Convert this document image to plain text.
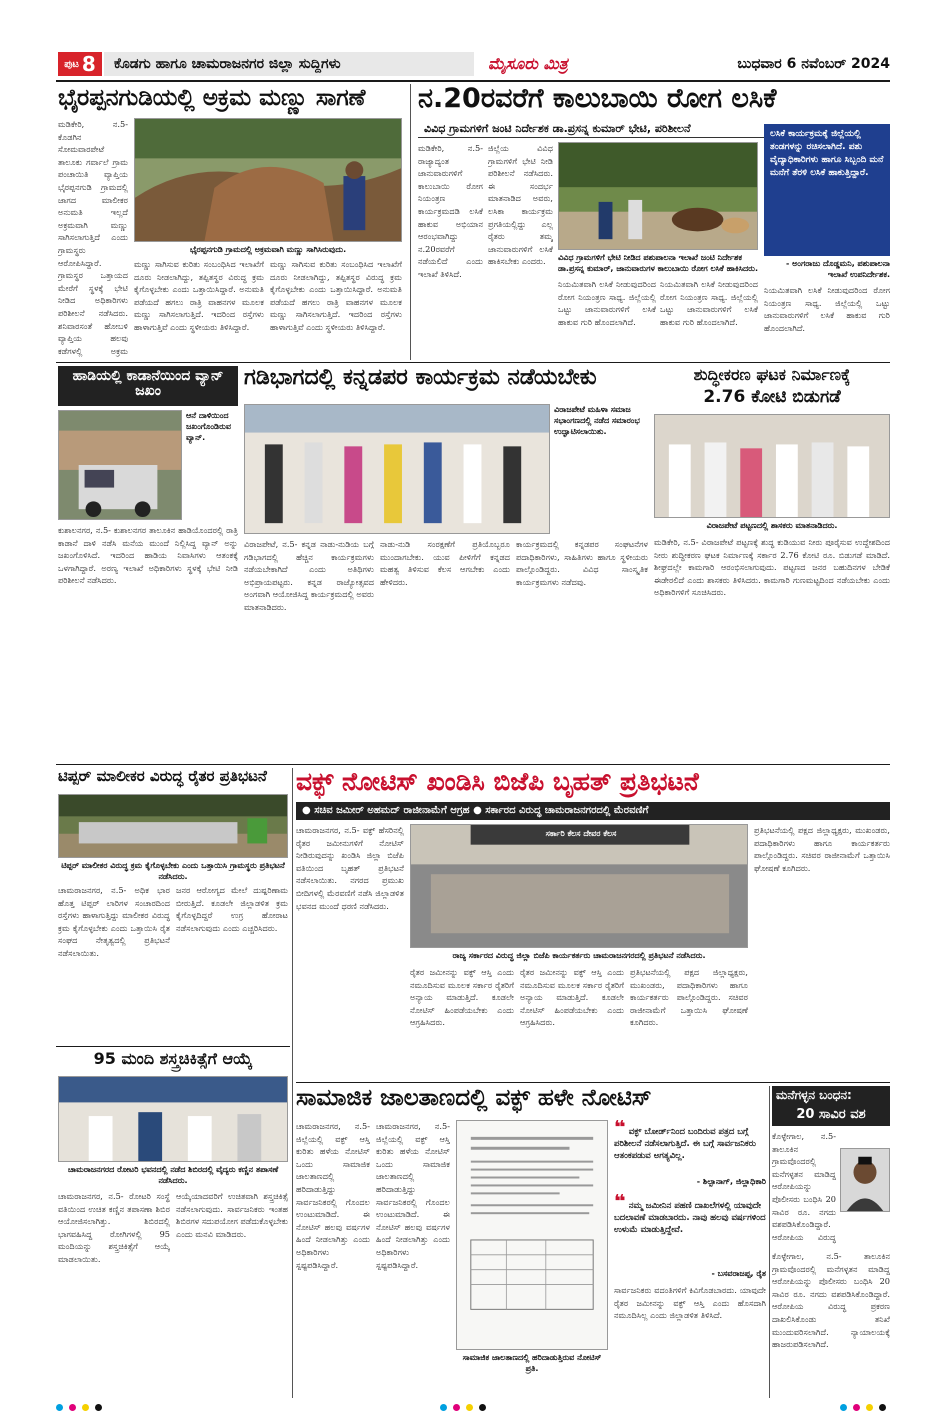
ಪುಟ 8	ಕೊಡಗು ಹಾಗೂ ಚಾಮರಾಜನಗರ ಜಿಲ್ಲಾ ಸುದ್ದಿಗಳು	ಮೈಸೂರು ಮಿತ್ರ	ಬುಧವಾರ 6 ನವೆಂಬರ್ 2024
ಭೈರಪ್ಪನಗುಡಿಯಲ್ಲಿ ಅಕ್ರಮ ಮಣ್ಣು ಸಾಗಣೆ
ಮಡಿಕೇರಿ, ನ.5- ಕೊಡಗಿನ ಸೋಮವಾರಪೇಟೆ ತಾಲೂಕು ಗರ್ವಾಲೆ ಗ್ರಾಮ ಪಂಚಾಯಿತಿ ವ್ಯಾಪ್ತಿಯ ಭೈರಪ್ಪನಗುಡಿ ಗ್ರಾಮದಲ್ಲಿ ಜಾಗದ ಮಾಲೀಕರ ಅನುಮತಿ ಇಲ್ಲದೆ ಅಕ್ರಮವಾಗಿ ಮಣ್ಣು ಸಾಗಿಸಲಾಗುತ್ತಿದೆ ಎಂದು ಗ್ರಾಮಸ್ಥರು ಆರೋಪಿಸಿದ್ದಾರೆ. ಗ್ರಾಮಸ್ಥರ ಒತ್ತಾಯದ ಮೇರೆಗೆ ಸ್ಥಳಕ್ಕೆ ಭೇಟಿ ನೀಡಿದ ಅಧಿಕಾರಿಗಳು ಪರಿಶೀಲನೆ ನಡೆಸಿದರು. ಶನಿವಾರಸಂತೆ ಹೋಬಳಿ ವ್ಯಾಪ್ತಿಯ ಹಲವು ಕಡೆಗಳಲ್ಲಿ ಅಕ್ರಮ
ಭೈರಪ್ಪನಗುಡಿ ಗ್ರಾಮದಲ್ಲಿ ಅಕ್ರಮವಾಗಿ ಮಣ್ಣು ಸಾಗಿಸಿರುವುದು.
ಮಣ್ಣು ಸಾಗಿಸುವ ಕುರಿತು ಸಂಬಂಧಿಸಿದ ಇಲಾಖೆಗೆ ದೂರು ನೀಡಲಾಗಿದ್ದು, ತಪ್ಪಿತಸ್ಥರ ವಿರುದ್ಧ ಕ್ರಮ ಕೈಗೊಳ್ಳಬೇಕು ಎಂದು ಒತ್ತಾಯಿಸಿದ್ದಾರೆ. ಅನುಮತಿ ಪಡೆಯದೆ ಹಗಲು ರಾತ್ರಿ ವಾಹನಗಳ ಮೂಲಕ ಮಣ್ಣು ಸಾಗಿಸಲಾಗುತ್ತಿದೆ. ಇದರಿಂದ ರಸ್ತೆಗಳು ಹಾಳಾಗುತ್ತಿವೆ ಎಂದು ಸ್ಥಳೀಯರು ತಿಳಿಸಿದ್ದಾರೆ.
ಮಣ್ಣು ಸಾಗಿಸುವ ಕುರಿತು ಸಂಬಂಧಿಸಿದ ಇಲಾಖೆಗೆ ದೂರು ನೀಡಲಾಗಿದ್ದು, ತಪ್ಪಿತಸ್ಥರ ವಿರುದ್ಧ ಕ್ರಮ ಕೈಗೊಳ್ಳಬೇಕು ಎಂದು ಒತ್ತಾಯಿಸಿದ್ದಾರೆ. ಅನುಮತಿ ಪಡೆಯದೆ ಹಗಲು ರಾತ್ರಿ ವಾಹನಗಳ ಮೂಲಕ ಮಣ್ಣು ಸಾಗಿಸಲಾಗುತ್ತಿದೆ. ಇದರಿಂದ ರಸ್ತೆಗಳು ಹಾಳಾಗುತ್ತಿವೆ ಎಂದು ಸ್ಥಳೀಯರು ತಿಳಿಸಿದ್ದಾರೆ.
ನ.20ರವರೆಗೆ ಕಾಲುಬಾಯಿ ರೋಗ ಲಸಿಕೆ
ವಿವಿಧ ಗ್ರಾಮಗಳಿಗೆ ಜಂಟಿ ನಿರ್ದೇಶಕ ಡಾ.ಪ್ರಸನ್ನ ಕುಮಾರ್ ಭೇಟಿ, ಪರಿಶೀಲನೆ
ಮಡಿಕೇರಿ, ನ.5- ರಾಜ್ಯಾದ್ಯಂತ ಜಾನುವಾರುಗಳಿಗೆ ಕಾಲುಬಾಯಿ ರೋಗ ನಿಯಂತ್ರಣ ಕಾರ್ಯಕ್ರಮದಡಿ ಲಸಿಕೆ ಹಾಕುವ ಅಭಿಯಾನ ಆರಂಭವಾಗಿದ್ದು ನ.20ರವರೆಗೆ ನಡೆಯಲಿದೆ ಎಂದು ಇಲಾಖೆ ತಿಳಿಸಿದೆ.
ಜಿಲ್ಲೆಯ ವಿವಿಧ ಗ್ರಾಮಗಳಿಗೆ ಭೇಟಿ ನೀಡಿ ಪರಿಶೀಲನೆ ನಡೆಸಿದರು. ಈ ಸಂದರ್ಭ ಮಾತನಾಡಿದ ಅವರು, ಲಸಿಕಾ ಕಾರ್ಯಕ್ರಮ ಪ್ರಗತಿಯಲ್ಲಿದ್ದು ಎಲ್ಲ ರೈತರು ತಮ್ಮ ಜಾನುವಾರುಗಳಿಗೆ ಲಸಿಕೆ ಹಾಕಿಸಬೇಕು ಎಂದರು.	ವಿವಿಧ ಗ್ರಾಮಗಳಿಗೆ ಭೇಟಿ ನೀಡಿದ ಪಶುಪಾಲನಾ ಇಲಾಖೆ ಜಂಟಿ ನಿರ್ದೇಶಕ ಡಾ.ಪ್ರಸನ್ನ ಕುಮಾರ್, ಜಾನುವಾರುಗಳ ಕಾಲುಬಾಯಿ ರೋಗ ಲಸಿಕೆ ಹಾಕಿಸಿದರು.
ನಿಯಮಿತವಾಗಿ ಲಸಿಕೆ ನೀಡುವುದರಿಂದ ರೋಗ ನಿಯಂತ್ರಣ ಸಾಧ್ಯ. ಜಿಲ್ಲೆಯಲ್ಲಿ ಒಟ್ಟು ಜಾನುವಾರುಗಳಿಗೆ ಲಸಿಕೆ ಹಾಕುವ ಗುರಿ ಹೊಂದಲಾಗಿದೆ.
ನಿಯಮಿತವಾಗಿ ಲಸಿಕೆ ನೀಡುವುದರಿಂದ ರೋಗ ನಿಯಂತ್ರಣ ಸಾಧ್ಯ. ಜಿಲ್ಲೆಯಲ್ಲಿ ಒಟ್ಟು ಜಾನುವಾರುಗಳಿಗೆ ಲಸಿಕೆ ಹಾಕುವ ಗುರಿ ಹೊಂದಲಾಗಿದೆ.
ಲಸಿಕೆ ಕಾರ್ಯಕ್ರಮಕ್ಕೆ ಜಿಲ್ಲೆಯಲ್ಲಿ ತಂಡಗಳನ್ನು ರಚಿಸಲಾಗಿದೆ. ಪಶು ವೈದ್ಯಾಧಿಕಾರಿಗಳು ಹಾಗೂ ಸಿಬ್ಬಂದಿ ಮನೆ ಮನೆಗೆ ತೆರಳಿ ಲಸಿಕೆ ಹಾಕುತ್ತಿದ್ದಾರೆ.
- ಅಂಗರಾಜು ದೊಡ್ಡಮನಿ, ಪಶುಪಾಲನಾ ಇಲಾಖೆ ಉಪನಿರ್ದೇಶಕ.
ನಿಯಮಿತವಾಗಿ ಲಸಿಕೆ ನೀಡುವುದರಿಂದ ರೋಗ ನಿಯಂತ್ರಣ ಸಾಧ್ಯ. ಜಿಲ್ಲೆಯಲ್ಲಿ ಒಟ್ಟು ಜಾನುವಾರುಗಳಿಗೆ ಲಸಿಕೆ ಹಾಕುವ ಗುರಿ ಹೊಂದಲಾಗಿದೆ.
ಹಾಡಿಯಲ್ಲಿ ಕಾಡಾನೆಯಿಂದ ವ್ಯಾನ್ ಜಖಂ
ಆನೆ ದಾಳಿಯಿಂದ ಜಖಂಗೊಂಡಿರುವ ವ್ಯಾನ್.
ಕುಶಾಲನಗರ, ನ.5- ಕುಶಾಲನಗರ ತಾಲೂಕಿನ ಹಾಡಿಯೊಂದರಲ್ಲಿ ರಾತ್ರಿ ಕಾಡಾನೆ ದಾಳಿ ನಡೆಸಿ ಮನೆಯ ಮುಂದೆ ನಿಲ್ಲಿಸಿದ್ದ ವ್ಯಾನ್ ಅನ್ನು ಜಖಂಗೊಳಿಸಿದೆ. ಇದರಿಂದ ಹಾಡಿಯ ನಿವಾಸಿಗಳು ಆತಂಕಕ್ಕೆ ಒಳಗಾಗಿದ್ದಾರೆ. ಅರಣ್ಯ ಇಲಾಖೆ ಅಧಿಕಾರಿಗಳು ಸ್ಥಳಕ್ಕೆ ಭೇಟಿ ನೀಡಿ ಪರಿಶೀಲನೆ ನಡೆಸಿದರು.
ಗಡಿಭಾಗದಲ್ಲಿ ಕನ್ನಡಪರ ಕಾರ್ಯಕ್ರಮ ನಡೆಯಬೇಕು
ವಿರಾಜಪೇಟೆ ಮಹಿಳಾ ಸಮಾಜ ಸಭಾಂಗಣದಲ್ಲಿ ನಡೆದ ಸಮಾರಂಭ ಉದ್ಘಾಟಿಸಲಾಯಿತು.
ವಿರಾಜಪೇಟೆ, ನ.5- ಕನ್ನಡ ನಾಡು-ನುಡಿಯ ಬಗ್ಗೆ ಗಡಿಭಾಗದಲ್ಲಿ ಹೆಚ್ಚಿನ ಕಾರ್ಯಕ್ರಮಗಳು ನಡೆಯಬೇಕಾಗಿದೆ ಎಂದು ಅತಿಥಿಗಳು ಅಭಿಪ್ರಾಯಪಟ್ಟರು. ಕನ್ನಡ ರಾಜ್ಯೋತ್ಸವದ ಅಂಗವಾಗಿ ಆಯೋಜಿಸಿದ್ದ ಕಾರ್ಯಕ್ರಮದಲ್ಲಿ ಅವರು ಮಾತನಾಡಿದರು.
ನಾಡು-ನುಡಿ ಸಂರಕ್ಷಣೆಗೆ ಪ್ರತಿಯೊಬ್ಬರೂ ಮುಂದಾಗಬೇಕು. ಯುವ ಪೀಳಿಗೆಗೆ ಕನ್ನಡದ ಮಹತ್ವ ತಿಳಿಸುವ ಕೆಲಸ ಆಗಬೇಕು ಎಂದು ಹೇಳಿದರು.
ಕಾರ್ಯಕ್ರಮದಲ್ಲಿ ಕನ್ನಡಪರ ಸಂಘಟನೆಗಳ ಪದಾಧಿಕಾರಿಗಳು, ಸಾಹಿತಿಗಳು ಹಾಗೂ ಸ್ಥಳೀಯರು ಪಾಲ್ಗೊಂಡಿದ್ದರು. ವಿವಿಧ ಸಾಂಸ್ಕೃತಿಕ ಕಾರ್ಯಕ್ರಮಗಳು ನಡೆದವು.
ಶುದ್ಧೀಕರಣ ಘಟಕ ನಿರ್ಮಾಣಕ್ಕೆ
2.76 ಕೋಟಿ ಬಿಡುಗಡೆ
ವಿರಾಜಪೇಟೆ ಪಟ್ಟಣದಲ್ಲಿ ಶಾಸಕರು ಮಾತನಾಡಿದರು.
ಮಡಿಕೇರಿ, ನ.5- ವಿರಾಜಪೇಟೆ ಪಟ್ಟಣಕ್ಕೆ ಶುದ್ಧ ಕುಡಿಯುವ ನೀರು ಪೂರೈಸುವ ಉದ್ದೇಶದಿಂದ ನೀರು ಶುದ್ಧೀಕರಣ ಘಟಕ ನಿರ್ಮಾಣಕ್ಕೆ ಸರ್ಕಾರ 2.76 ಕೋಟಿ ರೂ. ಬಿಡುಗಡೆ ಮಾಡಿದೆ. ಶೀಘ್ರದಲ್ಲೇ ಕಾಮಗಾರಿ ಆರಂಭಿಸಲಾಗುವುದು. ಪಟ್ಟಣದ ಜನರ ಬಹುದಿನಗಳ ಬೇಡಿಕೆ ಈಡೇರಲಿದೆ ಎಂದು ಶಾಸಕರು ತಿಳಿಸಿದರು. ಕಾಮಗಾರಿ ಗುಣಮಟ್ಟದಿಂದ ನಡೆಯಬೇಕು ಎಂದು ಅಧಿಕಾರಿಗಳಿಗೆ ಸೂಚಿಸಿದರು.
ಟಿಪ್ಪರ್ ಮಾಲೀಕರ ವಿರುದ್ಧ ರೈತರ ಪ್ರತಿಭಟನೆ
ಟಿಪ್ಪರ್ ಮಾಲೀಕರ ವಿರುದ್ಧ ಕ್ರಮ ಕೈಗೊಳ್ಳಬೇಕು ಎಂದು ಒತ್ತಾಯಿಸಿ ಗ್ರಾಮಸ್ಥರು ಪ್ರತಿಭಟನೆ ನಡೆಸಿದರು.
ಚಾಮರಾಜನಗರ, ನ.5- ಅಧಿಕ ಭಾರ ಹೊತ್ತ ಟಿಪ್ಪರ್ ಲಾರಿಗಳ ಸಂಚಾರದಿಂದ ರಸ್ತೆಗಳು ಹಾಳಾಗುತ್ತಿದ್ದು ಮಾಲೀಕರ ವಿರುದ್ಧ ಕ್ರಮ ಕೈಗೊಳ್ಳಬೇಕು ಎಂದು ಒತ್ತಾಯಿಸಿ ರೈತ ಸಂಘದ ನೇತೃತ್ವದಲ್ಲಿ ಪ್ರತಿಭಟನೆ ನಡೆಸಲಾಯಿತು.
ಜನರ ಆರೋಗ್ಯದ ಮೇಲೆ ದುಷ್ಪರಿಣಾಮ ಬೀರುತ್ತಿದೆ. ಕೂಡಲೇ ಜಿಲ್ಲಾಡಳಿತ ಕ್ರಮ ಕೈಗೊಳ್ಳದಿದ್ದರೆ ಉಗ್ರ ಹೋರಾಟ ನಡೆಸಲಾಗುವುದು ಎಂದು ಎಚ್ಚರಿಸಿದರು.
ವಕ್ಫ್ ನೋಟಿಸ್ ಖಂಡಿಸಿ ಬಿಜೆಪಿ ಬೃಹತ್ ಪ್ರತಿಭಟನೆ
● ಸಚಿವ ಜಮೀರ್ ಅಹಮದ್ ರಾಜೀನಾಮೆಗೆ ಆಗ್ರಹ ● ಸರ್ಕಾರದ ವಿರುದ್ಧ ಚಾಮರಾಜನಗರದಲ್ಲಿ ಮೆರವಣಿಗೆ
ಚಾಮರಾಜನಗರ, ನ.5- ವಕ್ಫ್ ಹೆಸರಿನಲ್ಲಿ ರೈತರ ಜಮೀನುಗಳಿಗೆ ನೋಟಿಸ್ ನೀಡಿರುವುದನ್ನು ಖಂಡಿಸಿ ಜಿಲ್ಲಾ ಬಿಜೆಪಿ ವತಿಯಿಂದ ಬೃಹತ್ ಪ್ರತಿಭಟನೆ ನಡೆಸಲಾಯಿತು. ನಗರದ ಪ್ರಮುಖ ಬೀದಿಗಳಲ್ಲಿ ಮೆರವಣಿಗೆ ನಡೆಸಿ ಜಿಲ್ಲಾಡಳಿತ ಭವನದ ಮುಂದೆ ಧರಣಿ ನಡೆಸಿದರು.
ಸರ್ಕಾರಿ ಕೆಲಸ ದೇವರ ಕೆಲಸ
ರಾಜ್ಯ ಸರ್ಕಾರದ ವಿರುದ್ಧ ಜಿಲ್ಲಾ ಬಿಜೆಪಿ ಕಾರ್ಯಕರ್ತರು ಚಾಮರಾಜನಗರದಲ್ಲಿ ಪ್ರತಿಭಟನೆ ನಡೆಸಿದರು.
ರೈತರ ಜಮೀನನ್ನು ವಕ್ಫ್ ಆಸ್ತಿ ಎಂದು ನಮೂದಿಸುವ ಮೂಲಕ ಸರ್ಕಾರ ರೈತರಿಗೆ ಅನ್ಯಾಯ ಮಾಡುತ್ತಿದೆ. ಕೂಡಲೇ ನೋಟಿಸ್ ಹಿಂಪಡೆಯಬೇಕು ಎಂದು ಆಗ್ರಹಿಸಿದರು.
ರೈತರ ಜಮೀನನ್ನು ವಕ್ಫ್ ಆಸ್ತಿ ಎಂದು ನಮೂದಿಸುವ ಮೂಲಕ ಸರ್ಕಾರ ರೈತರಿಗೆ ಅನ್ಯಾಯ ಮಾಡುತ್ತಿದೆ. ಕೂಡಲೇ ನೋಟಿಸ್ ಹಿಂಪಡೆಯಬೇಕು ಎಂದು ಆಗ್ರಹಿಸಿದರು.
ಪ್ರತಿಭಟನೆಯಲ್ಲಿ ಪಕ್ಷದ ಜಿಲ್ಲಾಧ್ಯಕ್ಷರು, ಮುಖಂಡರು, ಪದಾಧಿಕಾರಿಗಳು ಹಾಗೂ ಕಾರ್ಯಕರ್ತರು ಪಾಲ್ಗೊಂಡಿದ್ದರು. ಸಚಿವರ ರಾಜೀನಾಮೆಗೆ ಒತ್ತಾಯಿಸಿ ಘೋಷಣೆ ಕೂಗಿದರು.
ಪ್ರತಿಭಟನೆಯಲ್ಲಿ ಪಕ್ಷದ ಜಿಲ್ಲಾಧ್ಯಕ್ಷರು, ಮುಖಂಡರು, ಪದಾಧಿಕಾರಿಗಳು ಹಾಗೂ ಕಾರ್ಯಕರ್ತರು ಪಾಲ್ಗೊಂಡಿದ್ದರು. ಸಚಿವರ ರಾಜೀನಾಮೆಗೆ ಒತ್ತಾಯಿಸಿ ಘೋಷಣೆ ಕೂಗಿದರು.
95 ಮಂದಿ ಶಸ್ತ್ರಚಿಕಿತ್ಸೆಗೆ ಆಯ್ಕೆ
ಚಾಮರಾಜನಗರದ ರೋಟರಿ ಭವನದಲ್ಲಿ ನಡೆದ ಶಿಬಿರದಲ್ಲಿ ವೈದ್ಯರು ಕಣ್ಣಿನ ತಪಾಸಣೆ ನಡೆಸಿದರು.
ಚಾಮರಾಜನಗರ, ನ.5- ರೋಟರಿ ಸಂಸ್ಥೆ ವತಿಯಿಂದ ಉಚಿತ ಕಣ್ಣಿನ ತಪಾಸಣಾ ಶಿಬಿರ ಆಯೋಜಿಸಲಾಗಿತ್ತು. ಶಿಬಿರದಲ್ಲಿ ಭಾಗವಹಿಸಿದ್ದ ರೋಗಿಗಳಲ್ಲಿ 95 ಮಂದಿಯನ್ನು ಶಸ್ತ್ರಚಿಕಿತ್ಸೆಗೆ ಆಯ್ಕೆ ಮಾಡಲಾಯಿತು.
ಆಯ್ಕೆಯಾದವರಿಗೆ ಉಚಿತವಾಗಿ ಶಸ್ತ್ರಚಿಕಿತ್ಸೆ ನಡೆಸಲಾಗುವುದು. ಸಾರ್ವಜನಿಕರು ಇಂತಹ ಶಿಬಿರಗಳ ಸದುಪಯೋಗ ಪಡೆದುಕೊಳ್ಳಬೇಕು ಎಂದು ಮನವಿ ಮಾಡಿದರು.
ಸಾಮಾಜಿಕ ಜಾಲತಾಣದಲ್ಲಿ ವಕ್ಫ್ ಹಳೇ ನೋಟಿಸ್
ಚಾಮರಾಜನಗರ, ನ.5- ಜಿಲ್ಲೆಯಲ್ಲಿ ವಕ್ಫ್ ಆಸ್ತಿ ಕುರಿತು ಹಳೆಯ ನೋಟಿಸ್ ಒಂದು ಸಾಮಾಜಿಕ ಜಾಲತಾಣದಲ್ಲಿ ಹರಿದಾಡುತ್ತಿದ್ದು ಸಾರ್ವಜನಿಕರಲ್ಲಿ ಗೊಂದಲ ಉಂಟುಮಾಡಿದೆ. ಈ ನೋಟಿಸ್ ಹಲವು ವರ್ಷಗಳ ಹಿಂದೆ ನೀಡಲಾಗಿತ್ತು ಎಂದು ಅಧಿಕಾರಿಗಳು ಸ್ಪಷ್ಟಪಡಿಸಿದ್ದಾರೆ.
ಚಾಮರಾಜನಗರ, ನ.5- ಜಿಲ್ಲೆಯಲ್ಲಿ ವಕ್ಫ್ ಆಸ್ತಿ ಕುರಿತು ಹಳೆಯ ನೋಟಿಸ್ ಒಂದು ಸಾಮಾಜಿಕ ಜಾಲತಾಣದಲ್ಲಿ ಹರಿದಾಡುತ್ತಿದ್ದು ಸಾರ್ವಜನಿಕರಲ್ಲಿ ಗೊಂದಲ ಉಂಟುಮಾಡಿದೆ. ಈ ನೋಟಿಸ್ ಹಲವು ವರ್ಷಗಳ ಹಿಂದೆ ನೀಡಲಾಗಿತ್ತು ಎಂದು ಅಧಿಕಾರಿಗಳು ಸ್ಪಷ್ಟಪಡಿಸಿದ್ದಾರೆ.
ಸಾಮಾಜಿಕ ಜಾಲತಾಣದಲ್ಲಿ ಹರಿದಾಡುತ್ತಿರುವ ನೋಟಿಸ್ ಪ್ರತಿ.
❝ ವಕ್ಫ್ ಬೋರ್ಡ್‌ನಿಂದ ಬಂದಿರುವ ಪತ್ರದ ಬಗ್ಗೆ ಪರಿಶೀಲನೆ ನಡೆಸಲಾಗುತ್ತಿದೆ. ಈ ಬಗ್ಗೆ ಸಾರ್ವಜನಿಕರು ಆತಂಕಪಡುವ ಅಗತ್ಯವಿಲ್ಲ.
- ಶಿಲ್ಪಾನಾಗ್, ಜಿಲ್ಲಾಧಿಕಾರಿ
❝ ನಮ್ಮ ಜಮೀನಿನ ಪಹಣಿ ದಾಖಲೆಗಳಲ್ಲಿ ಯಾವುದೇ ಬದಲಾವಣೆ ಮಾಡಬಾರದು. ನಾವು ಹಲವು ವರ್ಷಗಳಿಂದ ಉಳುಮೆ ಮಾಡುತ್ತಿದ್ದೇವೆ.
- ಬಸವರಾಜಪ್ಪ, ರೈತ
ಸಾರ್ವಜನಿಕರು ವದಂತಿಗಳಿಗೆ ಕಿವಿಗೊಡಬಾರದು. ಯಾವುದೇ ರೈತರ ಜಮೀನನ್ನು ವಕ್ಫ್ ಆಸ್ತಿ ಎಂದು ಹೊಸದಾಗಿ ನಮೂದಿಸಿಲ್ಲ ಎಂದು ಜಿಲ್ಲಾಡಳಿತ ತಿಳಿಸಿದೆ.
ಮನೆಗಳ್ಳನ ಬಂಧನ:
20 ಸಾವಿರ ವಶ
ಕೊಳ್ಳೇಗಾಲ, ನ.5- ತಾಲೂಕಿನ ಗ್ರಾಮವೊಂದರಲ್ಲಿ ಮನೆಗಳ್ಳತನ ಮಾಡಿದ್ದ ಆರೋಪಿಯನ್ನು ಪೊಲೀಸರು ಬಂಧಿಸಿ 20 ಸಾವಿರ ರೂ. ನಗದು ವಶಪಡಿಸಿಕೊಂಡಿದ್ದಾರೆ. ಆರೋಪಿಯ ವಿರುದ್ಧ
ಕೊಳ್ಳೇಗಾಲ, ನ.5- ತಾಲೂಕಿನ ಗ್ರಾಮವೊಂದರಲ್ಲಿ ಮನೆಗಳ್ಳತನ ಮಾಡಿದ್ದ ಆರೋಪಿಯನ್ನು ಪೊಲೀಸರು ಬಂಧಿಸಿ 20 ಸಾವಿರ ರೂ. ನಗದು ವಶಪಡಿಸಿಕೊಂಡಿದ್ದಾರೆ. ಆರೋಪಿಯ ವಿರುದ್ಧ ಪ್ರಕರಣ ದಾಖಲಿಸಿಕೊಂಡು ತನಿಖೆ ಮುಂದುವರಿಸಲಾಗಿದೆ. ನ್ಯಾಯಾಲಯಕ್ಕೆ ಹಾಜರುಪಡಿಸಲಾಗಿದೆ.
